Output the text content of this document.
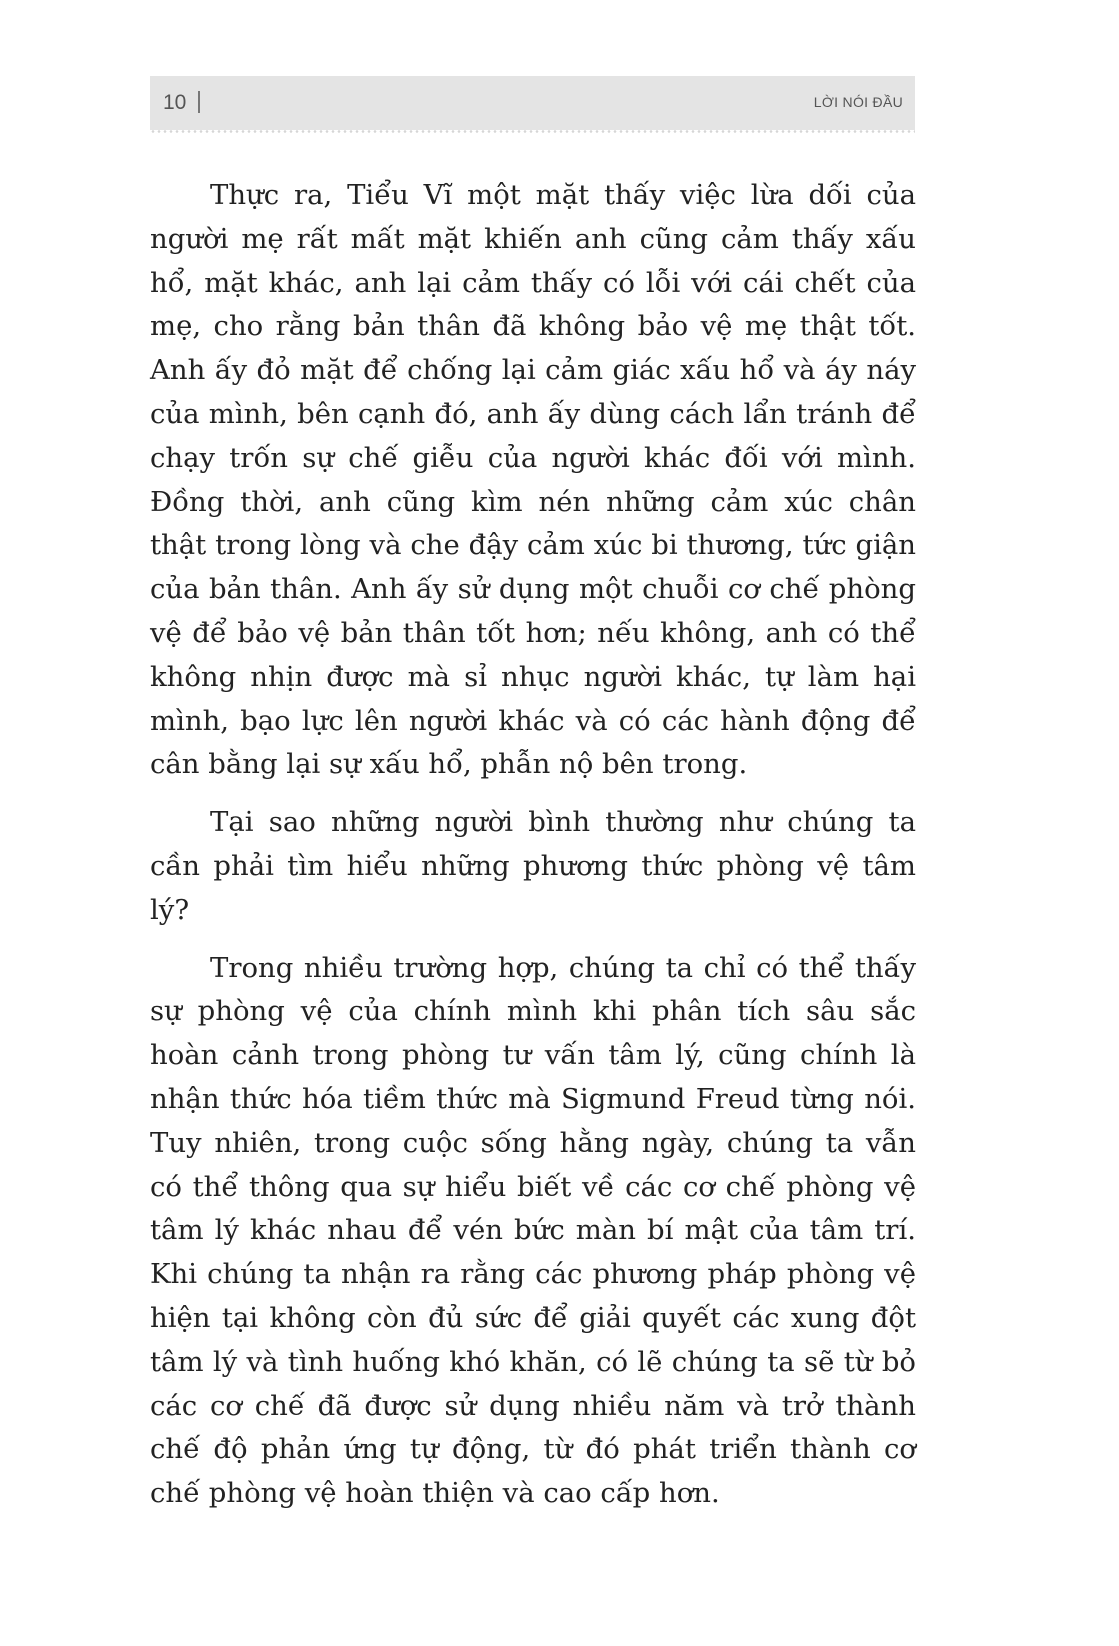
10	LỜI NÓI ĐẦU

Thực ra, Tiểu Vĩ một mặt thấy việc lừa dối của người mẹ rất mất mặt khiến anh cũng cảm thấy xấu hổ, mặt khác, anh lại cảm thấy có lỗi với cái chết của mẹ, cho rằng bản thân đã không bảo vệ mẹ thật tốt. Anh ấy đỏ mặt để chống lại cảm giác xấu hổ và áy náy của mình, bên cạnh đó, anh ấy dùng cách lẩn tránh để chạy trốn sự chế giễu của người khác đối với mình. Đồng thời, anh cũng kìm nén những cảm xúc chân thật trong lòng và che đậy cảm xúc bi thương, tức giận của bản thân. Anh ấy sử dụng một chuỗi cơ chế phòng vệ để bảo vệ bản thân tốt hơn; nếu không, anh có thể không nhịn được mà sỉ nhục người khác, tự làm hại mình, bạo lực lên người khác và có các hành động để cân bằng lại sự xấu hổ, phẫn nộ bên trong.

Tại sao những người bình thường như chúng ta cần phải tìm hiểu những phương thức phòng vệ tâm lý?

Trong nhiều trường hợp, chúng ta chỉ có thể thấy sự phòng vệ của chính mình khi phân tích sâu sắc hoàn cảnh trong phòng tư vấn tâm lý, cũng chính là nhận thức hóa tiềm thức mà Sigmund Freud từng nói. Tuy nhiên, trong cuộc sống hằng ngày, chúng ta vẫn có thể thông qua sự hiểu biết về các cơ chế phòng vệ tâm lý khác nhau để vén bức màn bí mật của tâm trí. Khi chúng ta nhận ra rằng các phương pháp phòng vệ hiện tại không còn đủ sức để giải quyết các xung đột tâm lý và tình huống khó khăn, có lẽ chúng ta sẽ từ bỏ các cơ chế đã được sử dụng nhiều năm và trở thành chế độ phản ứng tự động, từ đó phát triển thành cơ chế phòng vệ hoàn thiện và cao cấp hơn.
